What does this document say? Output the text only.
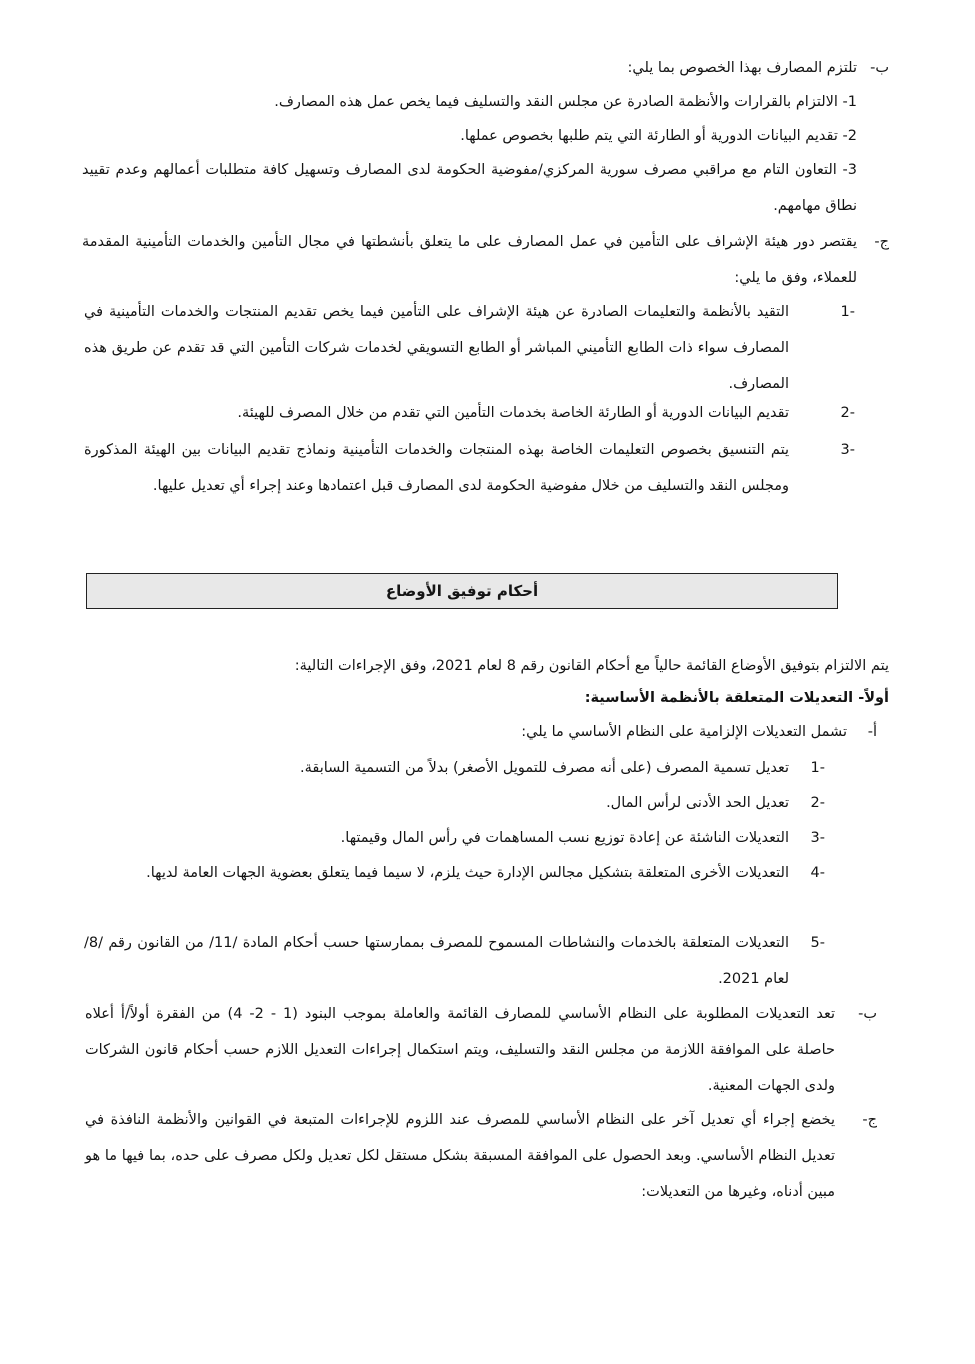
ب-
تلتزم المصارف بهذا الخصوص بما يلي:
1- الالتزام بالقرارات والأنظمة الصادرة عن مجلس النقد والتسليف فيما يخص عمل هذه المصارف.
2- تقديم البيانات الدورية أو الطارئة التي يتم طلبها بخصوص عملها.
3- التعاون التام مع مراقبي مصرف سورية المركزي/مفوضية الحكومة لدى المصارف وتسهيل كافة متطلبات أعمالهم وعدم تقييد نطاق مهامهم.
ج-
يقتصر دور هيئة الإشراف على التأمين في عمل المصارف على ما يتعلق بأنشطتها في مجال التأمين والخدمات التأمينية المقدمة للعملاء، وفق ما يلي:
-1
التقيد بالأنظمة والتعليمات الصادرة عن هيئة الإشراف على التأمين فيما يخص تقديم المنتجات والخدمات التأمينية في المصارف سواء ذات الطابع التأميني المباشر أو الطابع التسويقي لخدمات شركات التأمين التي قد تقدم عن طريق هذه المصارف.
-2
تقديم البيانات الدورية أو الطارئة الخاصة بخدمات التأمين التي تقدم من خلال المصرف للهيئة.
-3
يتم التنسيق بخصوص التعليمات الخاصة بهذه المنتجات والخدمات التأمينية ونماذج تقديم البيانات بين الهيئة المذكورة ومجلس النقد والتسليف من خلال مفوضية الحكومة لدى المصارف قبل اعتمادها وعند إجراء أي تعديل عليها.
أحكام توفيق الأوضاع
يتم الالتزام بتوفيق الأوضاع القائمة حالياً مع أحكام القانون رقم 8 لعام 2021، وفق الإجراءات التالية:
أولاً- التعديلات المتعلقة بالأنظمة الأساسية:
أ-
تشمل التعديلات الإلزامية على النظام الأساسي ما يلي:
-1
تعديل تسمية المصرف (على أنه مصرف للتمويل الأصغر) بدلاً من التسمية السابقة.
-2
تعديل الحد الأدنى لرأس المال.
-3
التعديلات الناشئة عن إعادة توزيع نسب المساهمات في رأس المال وقيمتها.
-4
التعديلات الأخرى المتعلقة بتشكيل مجالس الإدارة حيث يلزم، لا سيما فيما يتعلق بعضوية الجهات العامة لديها.
-5
التعديلات المتعلقة بالخدمات والنشاطات المسموح للمصرف بممارستها حسب أحكام المادة /11/ من القانون رقم /8/ لعام 2021.
ب-
تعد التعديلات المطلوبة على النظام الأساسي للمصارف القائمة والعاملة بموجب البنود (1 - 2- 4) من الفقرة أولاً/أ أعلاه حاصلة على الموافقة اللازمة من مجلس النقد والتسليف، ويتم استكمال إجراءات التعديل اللازم حسب أحكام قانون الشركات ولدى الجهات المعنية.
ج-
يخضع إجراء أي تعديل آخر على النظام الأساسي للمصرف عند اللزوم للإجراءات المتبعة في القوانين والأنظمة النافذة في تعديل النظام الأساسي. وبعد الحصول على الموافقة المسبقة بشكل مستقل لكل تعديل ولكل مصرف على حده، بما فيها ما هو مبين أدناه، وغيرها من التعديلات:
